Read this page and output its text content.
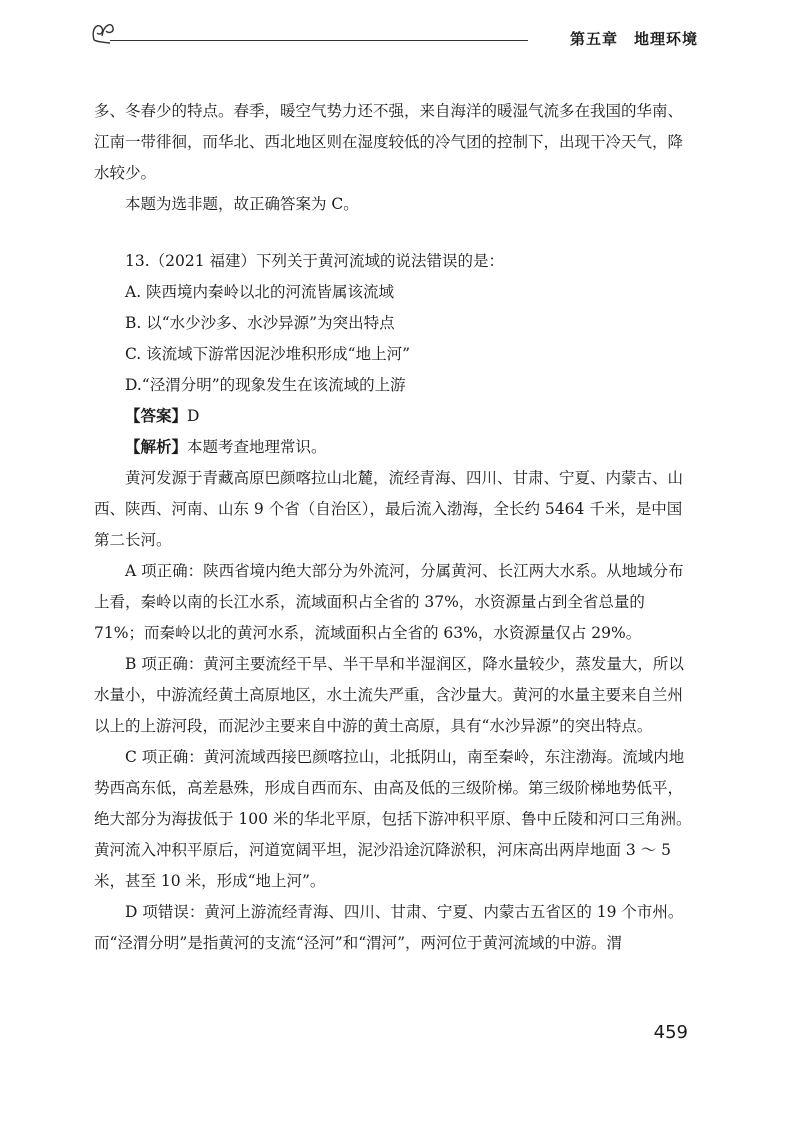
第五章 地理环境

多、冬春少的特点。春季，暖空气势力还不强，来自海洋的暖湿气流多在我国的华南、江南一带徘徊，而华北、西北地区则在湿度较低的冷气团的控制下，出现干冷天气，降水较少。

本题为选非题，故正确答案为 C。

13.（2021 福建）下列关于黄河流域的说法错误的是：

A. 陕西境内秦岭以北的河流皆属该流域

B. 以“水少沙多、水沙异源”为突出特点

C. 该流域下游常因泥沙堆积形成“地上河”

D.“泾渭分明”的现象发生在该流域的上游

【答案】D

【解析】本题考查地理常识。

黄河发源于青藏高原巴颜喀拉山北麓，流经青海、四川、甘肃、宁夏、内蒙古、山西、陕西、河南、山东 9 个省（自治区），最后流入渤海，全长约 5464 千米，是中国第二长河。

A 项正确：陕西省境内绝大部分为外流河，分属黄河、长江两大水系。从地域分布上看，秦岭以南的长江水系，流域面积占全省的 37%，水资源量占到全省总量的 71%；而秦岭以北的黄河水系，流域面积占全省的 63%，水资源量仅占 29%。

B 项正确：黄河主要流经干旱、半干旱和半湿润区，降水量较少，蒸发量大，所以水量小，中游流经黄土高原地区，水土流失严重，含沙量大。黄河的水量主要来自兰州以上的上游河段，而泥沙主要来自中游的黄土高原，具有“水沙异源”的突出特点。

C 项正确：黄河流域西接巴颜喀拉山，北抵阴山，南至秦岭，东注渤海。流域内地势西高东低，高差悬殊，形成自西而东、由高及低的三级阶梯。第三级阶梯地势低平，绝大部分为海拔低于 100 米的华北平原，包括下游冲积平原、鲁中丘陵和河口三角洲。黄河流入冲积平原后，河道宽阔平坦，泥沙沿途沉降淤积，河床高出两岸地面 3 ～ 5 米，甚至 10 米，形成“地上河”。

D 项错误：黄河上游流经青海、四川、甘肃、宁夏、内蒙古五省区的 19 个市州。而“泾渭分明”是指黄河的支流“泾河”和“渭河”，两河位于黄河流域的中游。渭

459
